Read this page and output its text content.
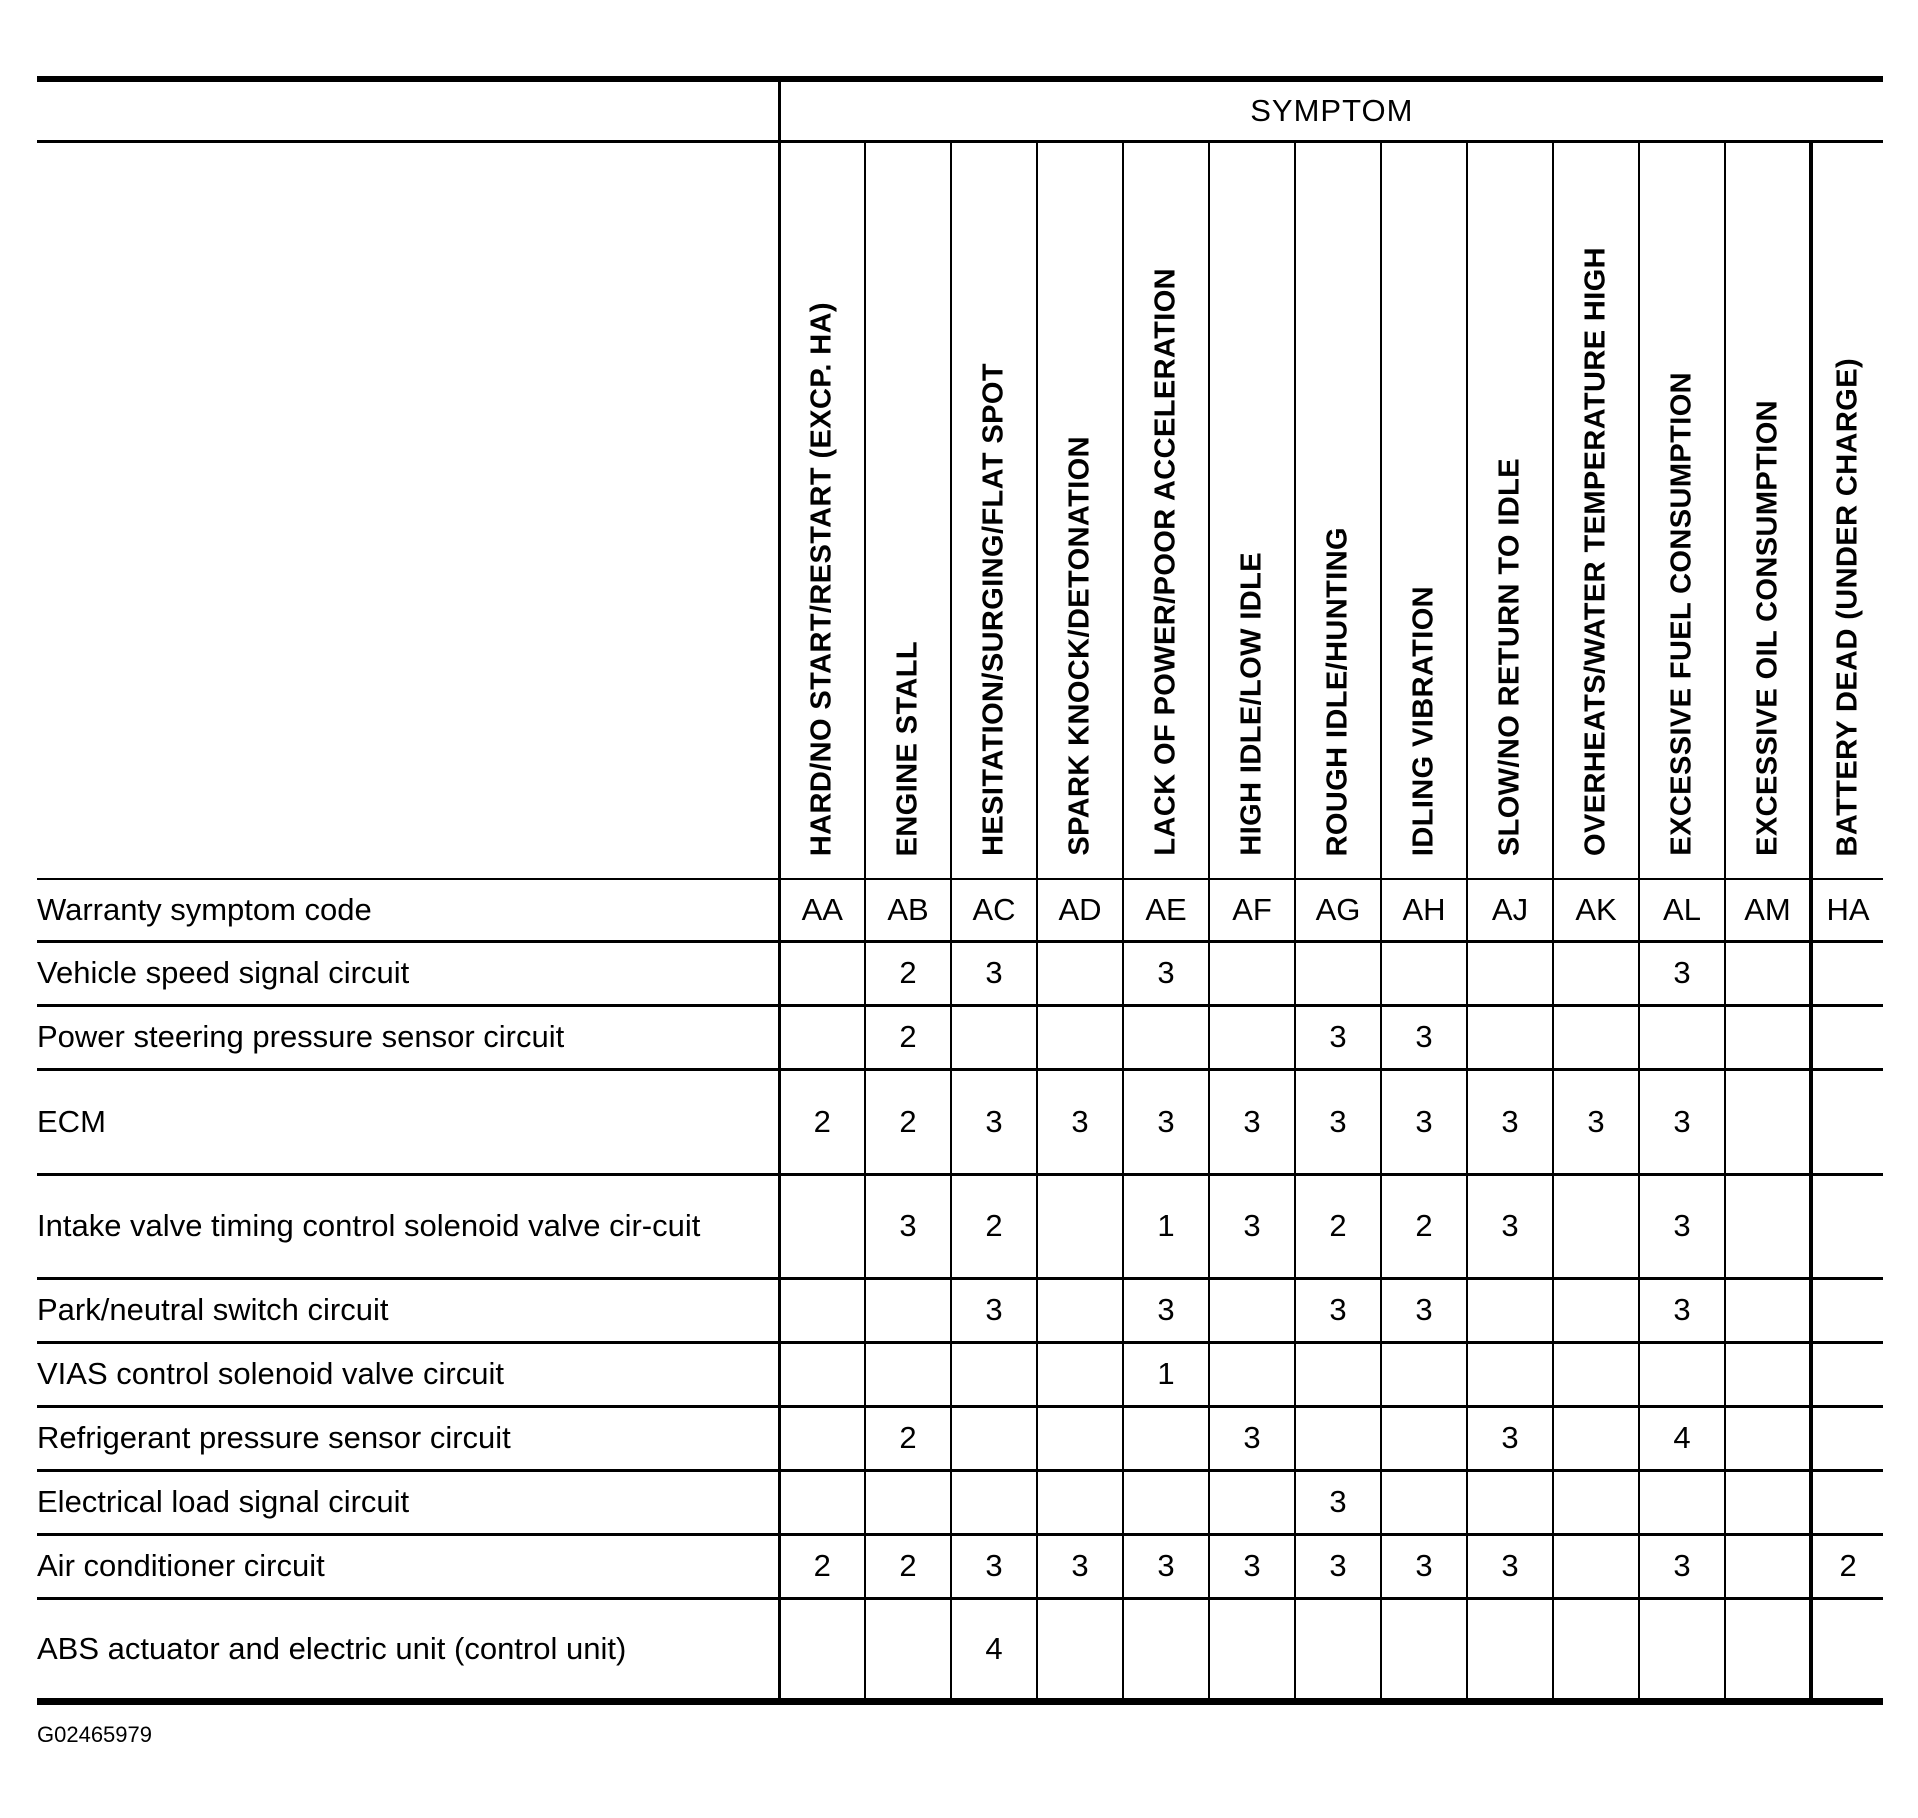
	SYMPTOM												

	HARD/NO START/RESTART (EXCP. HA)	ENGINE STALL	HESITATION/SURGING/FLAT SPOT	SPARK KNOCK/DETONATION	LACK OF POWER/POOR ACCELERATION	HIGH IDLE/LOW IDLE	ROUGH IDLE/HUNTING	IDLING VIBRATION	SLOW/NO RETURN TO IDLE	OVERHEATS/WATER TEMPERATURE HIGH	EXCESSIVE FUEL CONSUMPTION	EXCESSIVE OIL CONSUMPTION	BATTERY DEAD (UNDER CHARGE)

Warranty symptom code	AA	AB	AC	AD	AE	AF	AG	AH	AJ	AK	AL	AM	HA
Vehicle speed signal circuit		2	3		3						3		
Power steering pressure sensor circuit		2					3	3					
ECM	2	2	3	3	3	3	3	3	3	3	3		
Intake valve timing control solenoid valve cir-cuit		3	2		1	3	2	2	3		3		
Park/neutral switch circuit			3		3		3	3			3		
VIAS control solenoid valve circuit					1								
Refrigerant pressure sensor circuit		2				3			3		4		
Electrical load signal circuit							3						
Air conditioner circuit	2	2	3	3	3	3	3	3	3		3		2
ABS actuator and electric unit (control unit)			4										
G02465979
